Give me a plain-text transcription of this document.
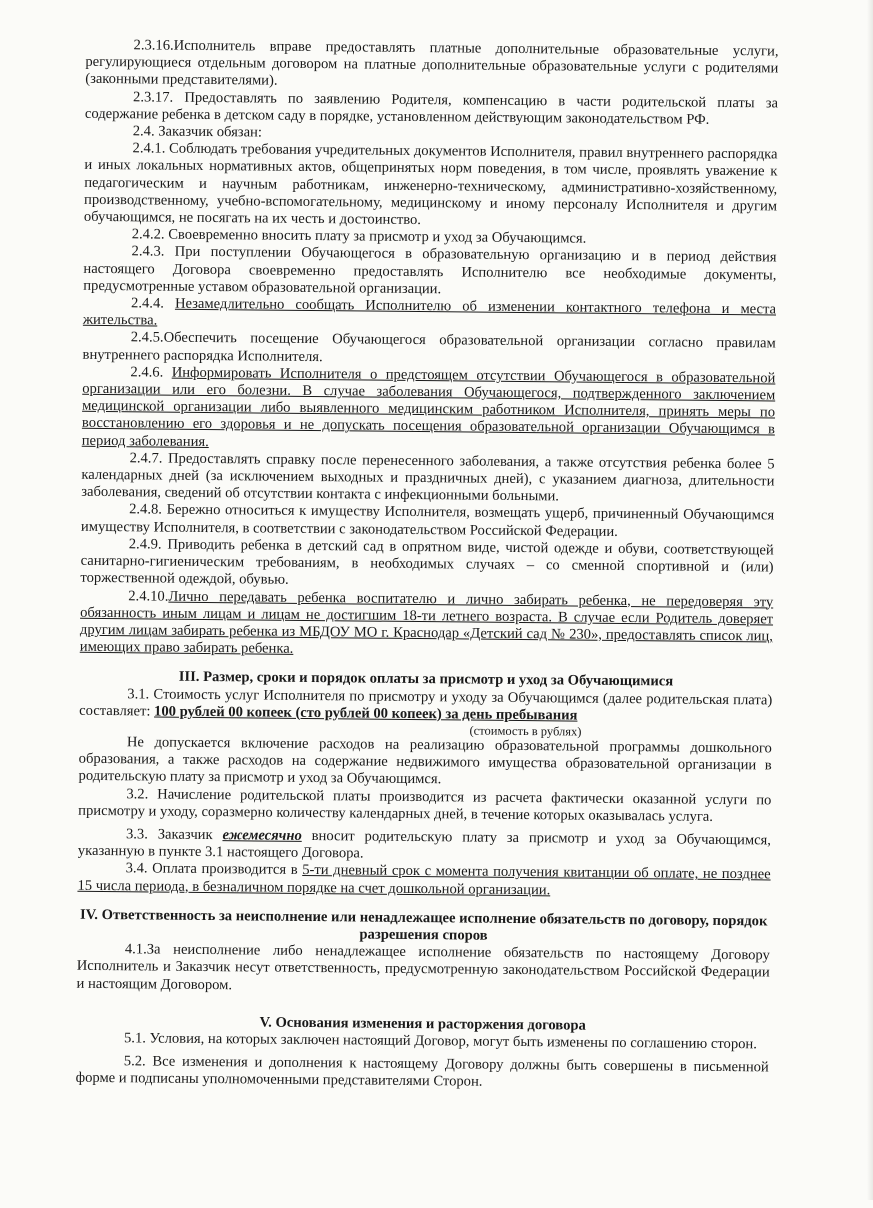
2.3.16.Исполнитель вправе предоставлять платные дополнительные образовательные услуги, регулирующиеся отдельным договором на платные дополнительные образовательные услуги с родителями (законными представителями).

2.3.17. Предоставлять по заявлению Родителя, компенсацию в части родительской платы за содержание ребенка в детском саду в порядке, установленном действующим законодательством РФ.

2.4. Заказчик обязан:

2.4.1. Соблюдать требования учредительных документов Исполнителя, правил внутреннего распорядка и иных локальных нормативных актов, общепринятых норм поведения, в том числе, проявлять уважение к педагогическим и научным работникам, инженерно-техническому, административно-хозяйственному, производственному, учебно-вспомогательному, медицинскому и иному персоналу Исполнителя и другим обучающимся, не посягать на их честь и достоинство.

2.4.2. Своевременно вносить плату за присмотр и уход за Обучающимся.

2.4.3. При поступлении Обучающегося в образовательную организацию и в период действия настоящего Договора своевременно предоставлять Исполнителю все необходимые документы, предусмотренные уставом образовательной организации.

2.4.4. Незамедлительно сообщать Исполнителю об изменении контактного телефона и места жительства.

2.4.5.Обеспечить посещение Обучающегося образовательной организации согласно правилам внутреннего распорядка Исполнителя.

2.4.6. Информировать Исполнителя о предстоящем отсутствии Обучающегося в образовательной организации или его болезни. В случае заболевания Обучающегося, подтвержденного заключением медицинской организации либо выявленного медицинским работником Исполнителя, принять меры по восстановлению его здоровья и не допускать посещения образовательной организации Обучающимся в период заболевания.

2.4.7. Предоставлять справку после перенесенного заболевания, а также отсутствия ребенка более 5 календарных дней (за исключением выходных и праздничных дней), с указанием диагноза, длительности заболевания, сведений об отсутствии контакта с инфекционными больными.

2.4.8. Бережно относиться к имуществу Исполнителя, возмещать ущерб, причиненный Обучающимся имуществу Исполнителя, в соответствии с законодательством Российской Федерации.

2.4.9. Приводить ребенка в детский сад в опрятном виде, чистой одежде и обуви, соответствующей санитарно-гигиеническим требованиям, в необходимых случаях – со сменной спортивной и (или) торжественной одеждой, обувью.

2.4.10.Лично передавать ребенка воспитателю и лично забирать ребенка, не передоверяя эту обязанность иным лицам и лицам не достигшим 18-ти летнего возраста. В случае если Родитель доверяет другим лицам забирать ребенка из МБДОУ МО г. Краснодар «Детский сад № 230», предоставлять список лиц, имеющих право забирать ребенка.

III. Размер, сроки и порядок оплаты за присмотр и уход за Обучающимися

3.1. Стоимость услуг Исполнителя по присмотру и уходу за Обучающимся (далее родительская плата) составляет: 100 рублей 00 копеек (сто рублей 00 копеек) за день пребывания

(стоимость в рублях)

Не допускается включение расходов на реализацию образовательной программы дошкольного образования, а также расходов на содержание недвижимого имущества образовательной организации в родительскую плату за присмотр и уход за Обучающимся.

3.2. Начисление родительской платы производится из расчета фактически оказанной услуги по присмотру и уходу, соразмерно количеству календарных дней, в течение которых оказывалась услуга.

3.3. Заказчик ежемесячно вносит родительскую плату за присмотр и уход за Обучающимся, указанную в пункте 3.1 настоящего Договора.

3.4. Оплата производится в 5-ти дневный срок с момента получения квитанции об оплате, не позднее 15 числа периода, в безналичном порядке на счет дошкольной организации.

IV. Ответственность за неисполнение или ненадлежащее исполнение обязательств по договору, порядок разрешения споров

4.1.За неисполнение либо ненадлежащее исполнение обязательств по настоящему Договору Исполнитель и Заказчик несут ответственность, предусмотренную законодательством Российской Федерации и настоящим Договором.

V. Основания изменения и расторжения договора

5.1. Условия, на которых заключен настоящий Договор, могут быть изменены по соглашению сторон.

5.2. Все изменения и дополнения к настоящему Договору должны быть совершены в письменной форме и подписаны уполномоченными представителями Сторон.
